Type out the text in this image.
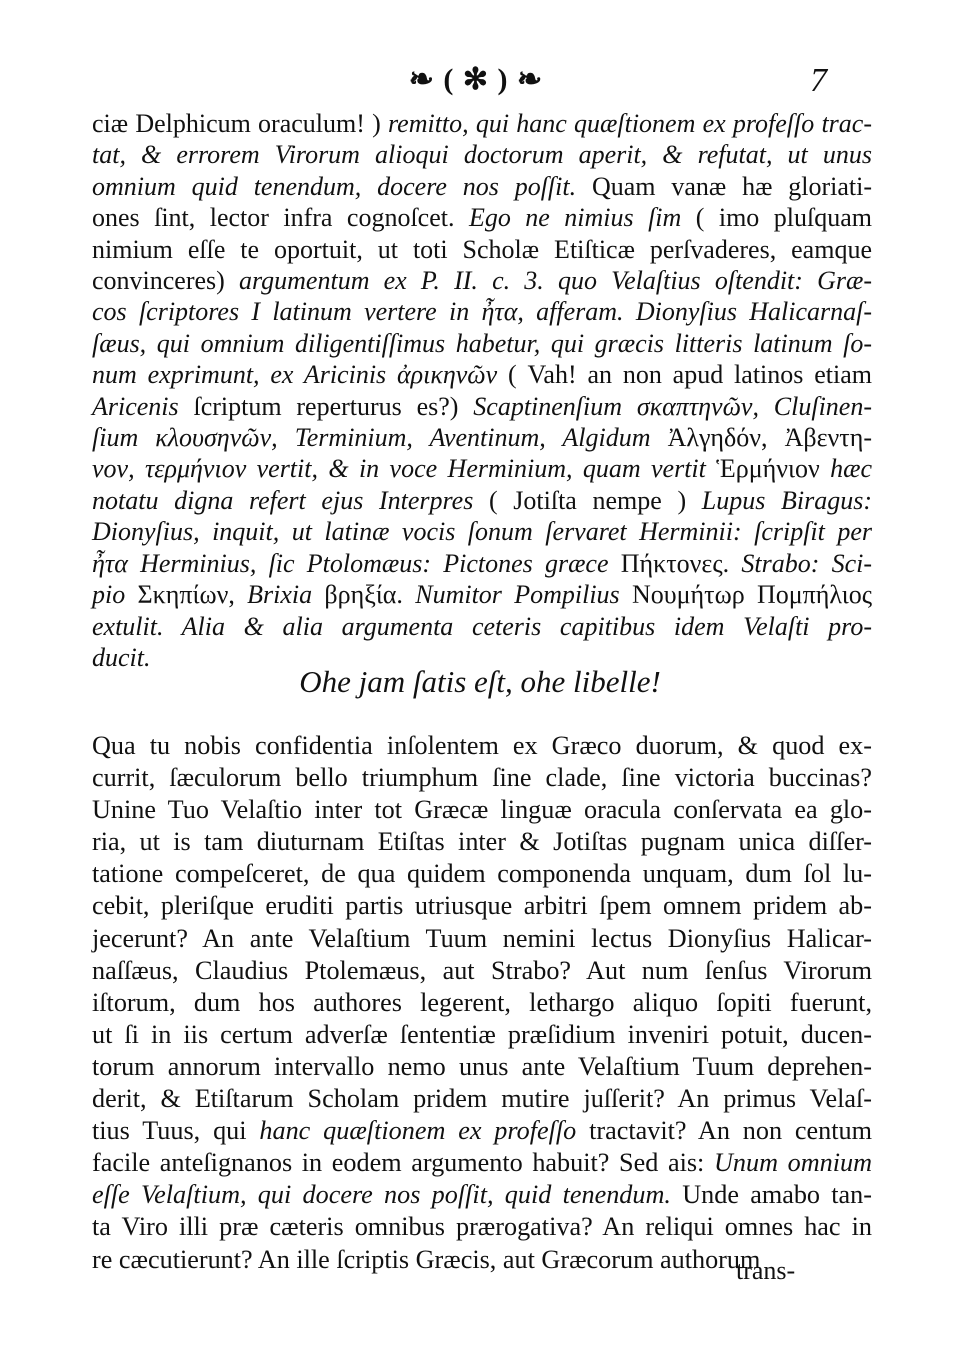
❧ ( ✻ ) ❧	7
ciæ Delphicum oraculum! ) remitto, qui hanc quæſtionem ex profeſſo trac-
tat, & errorem Virorum alioqui doctorum aperit, & refutat, ut unus
omnium quid tenendum, docere nos poſſit. Quam vanæ hæ gloriati-
ones ſint, lector infra cognoſcet. Ego ne nimius ſim ( imo pluſquam
nimium eſſe te oportuit, ut toti Scholæ Etiſticæ perſvaderes, eamque
convinceres) argumentum ex P. II. c. 3. quo Velaſtius oſtendit: Græ-
cos ſcriptores I latinum vertere in ἦτα, afferam. Dionyſius Halicarnaſ-
ſæus, qui omnium diligentiſſimus habetur, qui græcis litteris latinum ſo-
num exprimunt, ex Aricinis ἀρικηνῶν ( Vah! an non apud latinos etiam
Aricenis ſcriptum reperturus es?) Scaptinenſium σκαπτηνῶν, Cluſinen-
ſium κλουσηνῶν, Terminium, Aventinum, Algidum Ἀλγηδόν, Ἀβεντη-
νον, τερμήνιον vertit, & in voce Herminium, quam vertit Ἑρμήνιον hæc
notatu digna refert ejus Interpres ( Jotiſta nempe ) Lupus Biragus:
Dionyſius, inquit, ut latinæ vocis ſonum ſervaret Herminii: ſcripſit per
ἦτα Herminius, ſic Ptolomæus: Pictones græce Πήκτονες. Strabo: Sci-
pio Σκηπίων, Brixia βρηξία. Numitor Pompilius Νουμήτωρ Πομπήλιος
extulit. Alia & alia argumenta ceteris capitibus idem Velaſti pro-
ducit.
Ohe jam ſatis eſt, ohe libelle!
Qua tu nobis confidentia inſolentem ex Græco duorum, & quod ex-
currit, ſæculorum bello triumphum ſine clade, ſine victoria buccinas?
Unine Tuo Velaſtio inter tot Græcæ linguæ oracula conſervata ea glo-
ria, ut is tam diuturnam Etiſtas inter & Jotiſtas pugnam unica diſſer-
tatione compeſceret, de qua quidem componenda unquam, dum ſol lu-
cebit, pleriſque eruditi partis utriusque arbitri ſpem omnem pridem ab-
jecerunt? An ante Velaſtium Tuum nemini lectus Dionyſius Halicar-
naſſæus, Claudius Ptolemæus, aut Strabo? Aut num ſenſus Virorum
iſtorum, dum hos authores legerent, lethargo aliquo ſopiti fuerunt,
ut ſi in iis certum adverſæ ſententiæ præſidium inveniri potuit, ducen-
torum annorum intervallo nemo unus ante Velaſtium Tuum deprehen-
derit, & Etiſtarum Scholam pridem mutire juſſerit? An primus Velaſ-
tius Tuus, qui hanc quæſtionem ex profeſſo tractavit? An non centum
facile anteſignanos in eodem argumento habuit? Sed ais: Unum omnium
eſſe Velaſtium, qui docere nos poſſit, quid tenendum. Unde amabo tan-
ta Viro illi præ cæteris omnibus prærogativa? An reliqui omnes hac in
re cæcutierunt? An ille ſcriptis Græcis, aut Græcorum authorum
trans-
